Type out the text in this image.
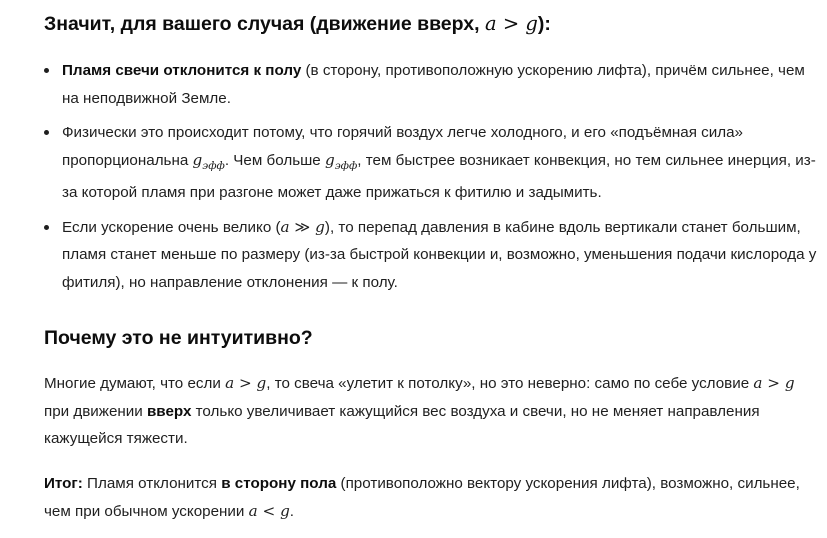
Значит, для вашего случая (движение вверх, a > g):
Пламя свечи отклонится к полу (в сторону, противоположную ускорению лифта), причём сильнее, чем на неподвижной Земле.
Физически это происходит потому, что горячий воздух легче холодного, и его «подъёмная сила» пропорциональна $g_{эфф}$. Чем больше $g_{эфф}$, тем быстрее возникает конвекция, но тем сильнее инерция, из-за которой пламя при разгоне может даже прижаться к фитилю и задымить.
Если ускорение очень велико (a ≫ g), то перепад давления в кабине вдоль вертикали станет большим, пламя станет меньше по размеру (из-за быстрой конвекции и, возможно, уменьшения подачи кислорода у фитиля), но направление отклонения — к полу.
Почему это не интуитивно?

Многие думают, что если a > g, то свеча «улетит к потолку», но это неверно: само по себе условие a > g при движении вверх только увеличивает кажущийся вес воздуха и свечи, но не меняет направления кажущейся тяжести.

Итог: Пламя отклонится в сторону пола (противоположно вектору ускорения лифта), возможно, сильнее, чем при обычном ускорении a < g.
